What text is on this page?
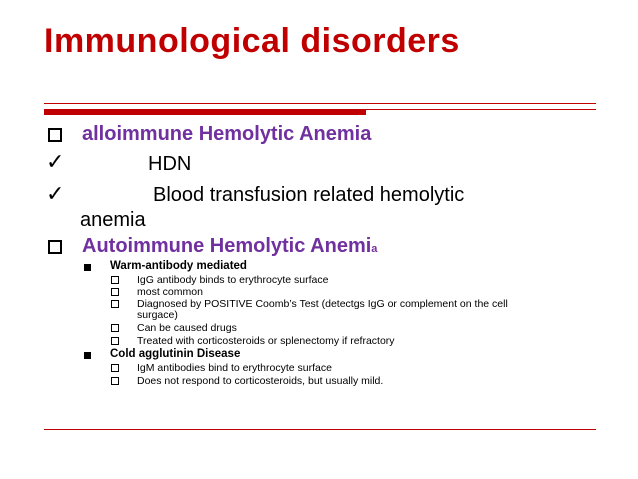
Immunological disorders
alloimmune Hemolytic Anemia
✓	HDN
✓	Blood transfusion related hemolytic
anemia
Autoimmune Hemolytic Anemia
Warm-antibody mediated
IgG antibody binds to erythrocyte surface
most common
Diagnosed by POSITIVE Coomb’s Test (detectgs IgG or complement on the cell
surgace)
Can be caused drugs
Treated with corticosteroids or splenectomy if refractory
Cold agglutinin Disease
IgM antibodies bind to erythrocyte surface
Does not respond to corticosteroids, but usually mild.
